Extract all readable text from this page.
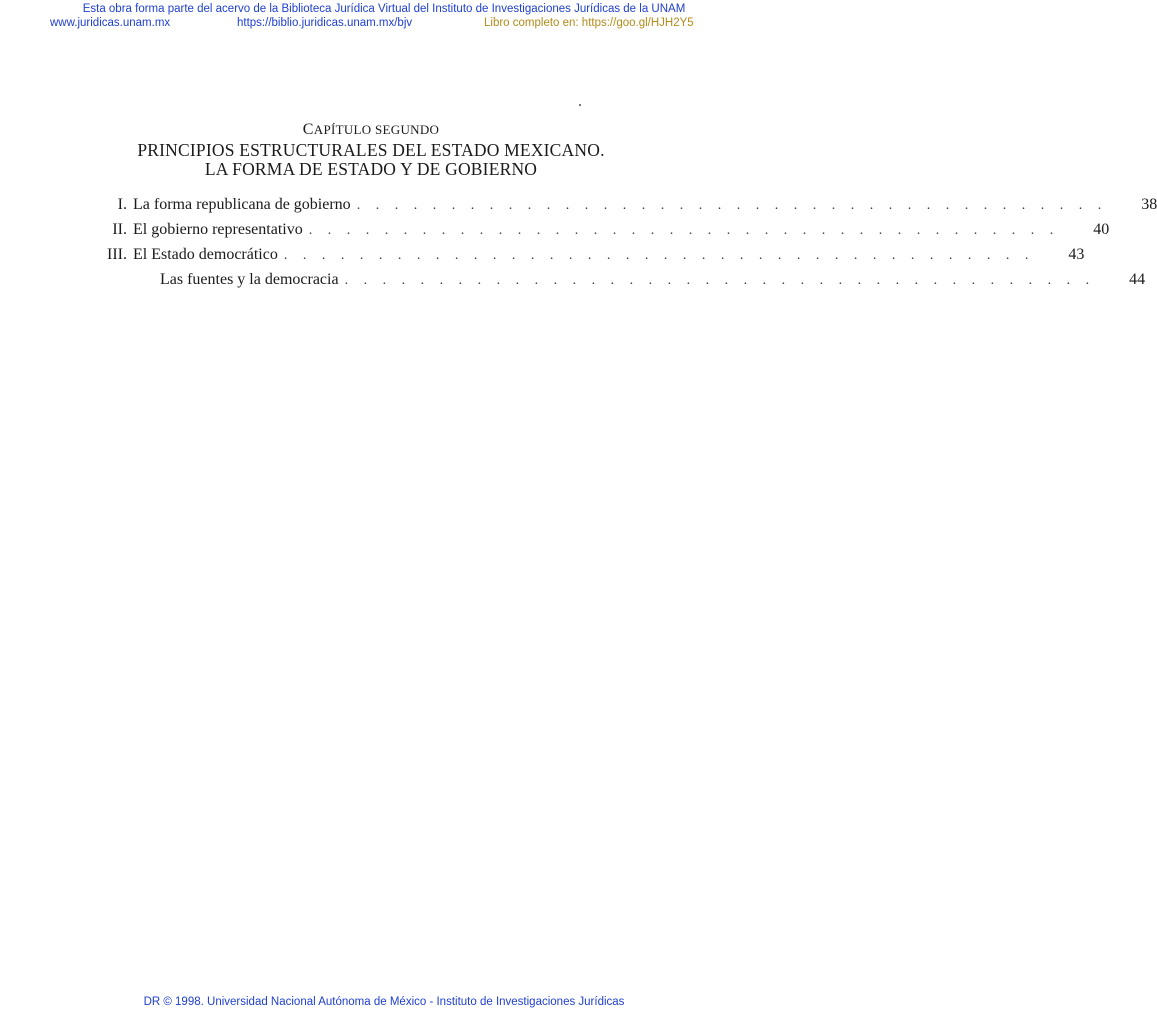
Esta obra forma parte del acervo de la Biblioteca Jurídica Virtual del Instituto de Investigaciones Jurídicas de la UNAM
www.juridicas.unam.mx	https://biblio.juridicas.unam.mx/bjv	Libro completo en: https://goo.gl/HJH2Y5
CAPÍTULO SEGUNDO
PRINCIPIOS ESTRUCTURALES DEL ESTADO MEXICANO.
LA FORMA DE ESTADO Y DE GOBIERNO
I. La forma republicana de gobierno . . . . . . . . . . . . . . . . . . . . . . . . . . . . . . . . . . . . . . . .	38
II. El gobierno representativo . . . . . . . . . . . . . . . . . . . . . . . . . . . . . . . . . . . . . . . .	40
III. El Estado democrático . . . . . . . . . . . . . . . . . . . . . . . . . . . . . . . . . . . . . . . .	43
Las fuentes y la democracia . . . . . . . . . . . . . . . . . . . . . . . . . . . . . . . . . . . . . . . .	44
DR © 1998. Universidad Nacional Autónoma de México - Instituto de Investigaciones Jurídicas
